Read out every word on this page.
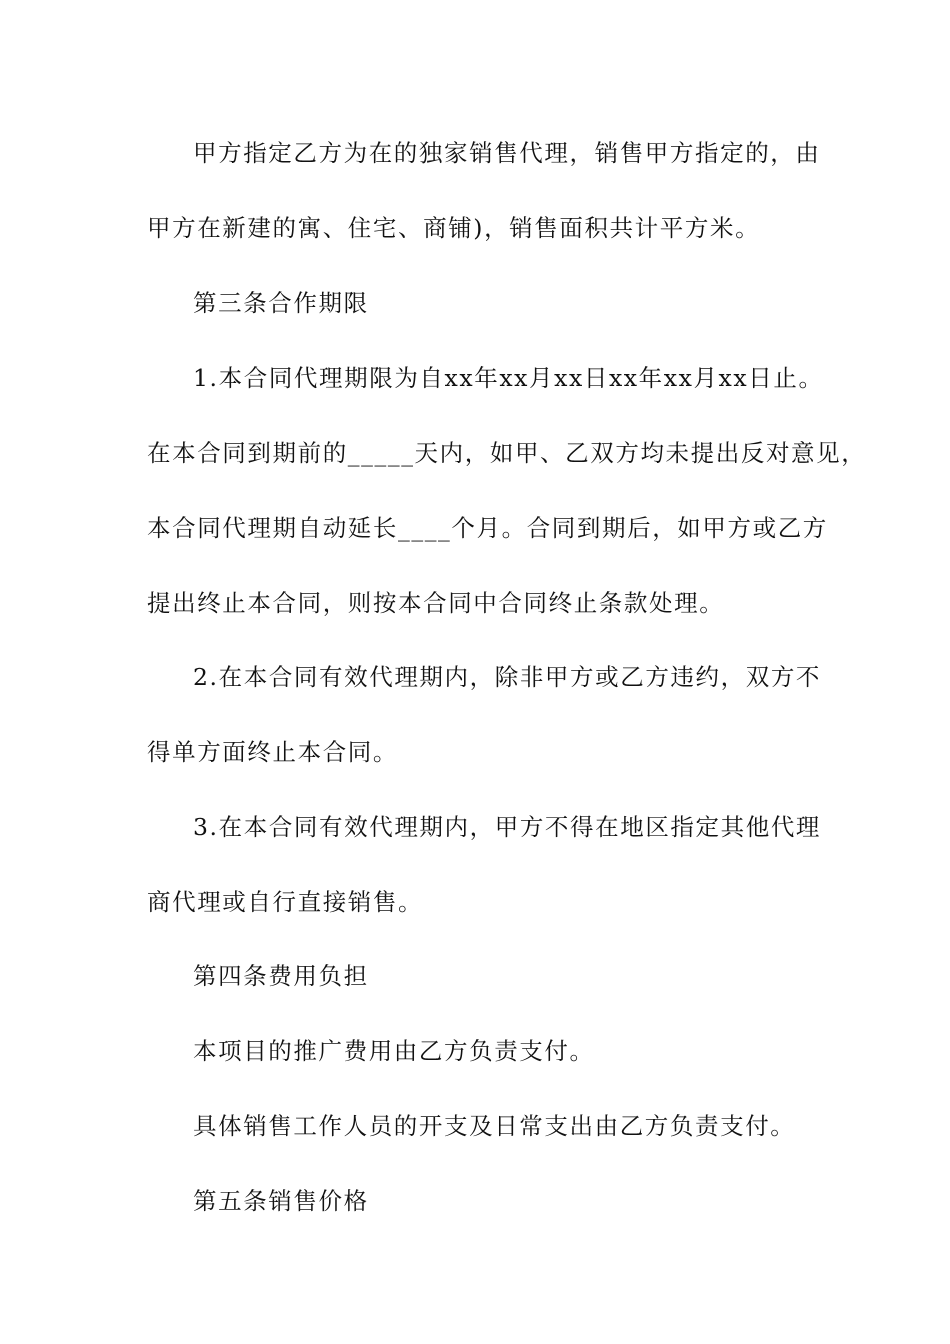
甲方指定乙方为在的独家销售代理，销售甲方指定的，由
甲方在新建的寓、住宅、商铺)，销售面积共计平方米。
第三条合作期限
1.本合同代理期限为自xx年xx月xx日xx年xx月xx日止。
在本合同到期前的_____天内，如甲、乙双方均未提出反对意见，
本合同代理期自动延长____个月。合同到期后，如甲方或乙方
提出终止本合同，则按本合同中合同终止条款处理。
2.在本合同有效代理期内，除非甲方或乙方违约，双方不
得单方面终止本合同。
3.在本合同有效代理期内，甲方不得在地区指定其他代理
商代理或自行直接销售。
第四条费用负担
本项目的推广费用由乙方负责支付。
具体销售工作人员的开支及日常支出由乙方负责支付。
第五条销售价格
